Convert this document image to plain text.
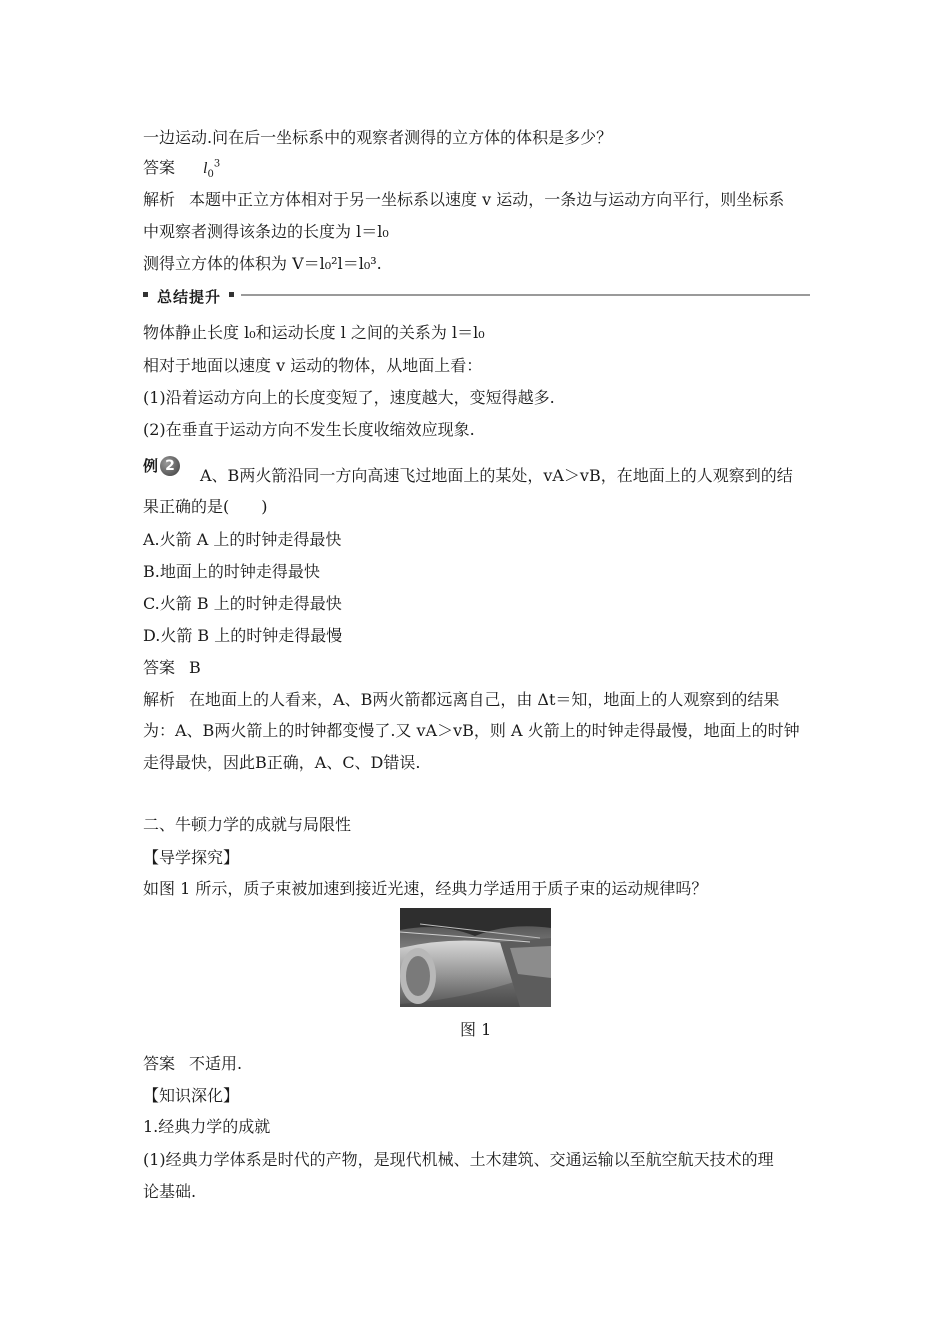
一边运动.问在后一坐标系中的观察者测得的立方体的体积是多少？
答案 $l_0^3$
解析 本题中正立方体相对于另一坐标系以速度 v 运动，一条边与运动方向平行，则坐标系
中观察者测得该条边的长度为 l＝l₀
测得立方体的体积为 V＝l₀²l＝l₀³.
总结提升
物体静止长度 l₀和运动长度 l 之间的关系为 l＝l₀
相对于地面以速度 v 运动的物体，从地面上看：
(1)沿着运动方向上的长度变短了，速度越大，变短得越多.
(2)在垂直于运动方向不发生长度收缩效应现象.
例 2	A、B两火箭沿同一方向高速飞过地面上的某处，vA＞vB，在地面上的人观察到的结
果正确的是(　　)
A.火箭 A 上的时钟走得最快
B.地面上的时钟走得最快
C.火箭 B 上的时钟走得最快
D.火箭 B 上的时钟走得最慢
答案 B
解析 在地面上的人看来，A、B两火箭都远离自己，由 Δt＝知，地面上的人观察到的结果
为：A、B两火箭上的时钟都变慢了.又 vA＞vB，则 A 火箭上的时钟走得最慢，地面上的时钟
走得最快，因此B正确，A、C、D错误.
二、牛顿力学的成就与局限性
【导学探究】
如图 1 所示，质子束被加速到接近光速，经典力学适用于质子束的运动规律吗？
图 1
答案 不适用.
【知识深化】
1.经典力学的成就
(1)经典力学体系是时代的产物，是现代机械、土木建筑、交通运输以至航空航天技术的理
论基础.
